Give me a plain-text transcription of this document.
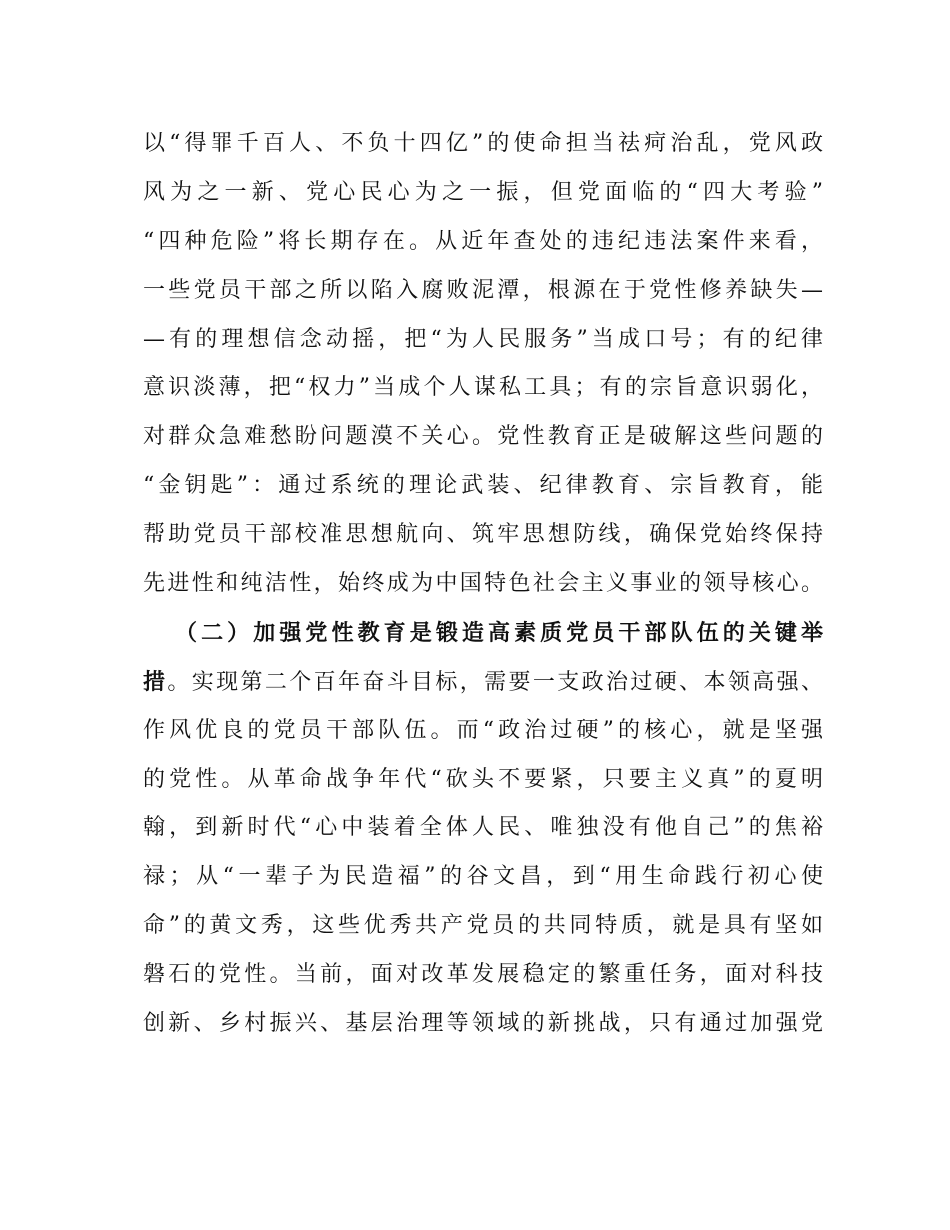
以“得罪千百人、不负十四亿”的使命担当祛疴治乱，党风政
风为之一新、党心民心为之一振，但党面临的“四大考验”
“四种危险”将长期存在。从近年查处的违纪违法案件来看，
一些党员干部之所以陷入腐败泥潭，根源在于党性修养缺失—
—有的理想信念动摇，把“为人民服务”当成口号；有的纪律
意识淡薄，把“权力”当成个人谋私工具；有的宗旨意识弱化，
对群众急难愁盼问题漠不关心。党性教育正是破解这些问题的
“金钥匙”：通过系统的理论武装、纪律教育、宗旨教育，能
帮助党员干部校准思想航向、筑牢思想防线，确保党始终保持
先进性和纯洁性，始终成为中国特色社会主义事业的领导核心。
（二）加强党性教育是锻造高素质党员干部队伍的关键举
措。实现第二个百年奋斗目标，需要一支政治过硬、本领高强、
作风优良的党员干部队伍。而“政治过硬”的核心，就是坚强
的党性。从革命战争年代“砍头不要紧，只要主义真”的夏明
翰，到新时代“心中装着全体人民、唯独没有他自己”的焦裕
禄；从“一辈子为民造福”的谷文昌，到“用生命践行初心使
命”的黄文秀，这些优秀共产党员的共同特质，就是具有坚如
磐石的党性。当前，面对改革发展稳定的繁重任务，面对科技
创新、乡村振兴、基层治理等领域的新挑战，只有通过加强党
